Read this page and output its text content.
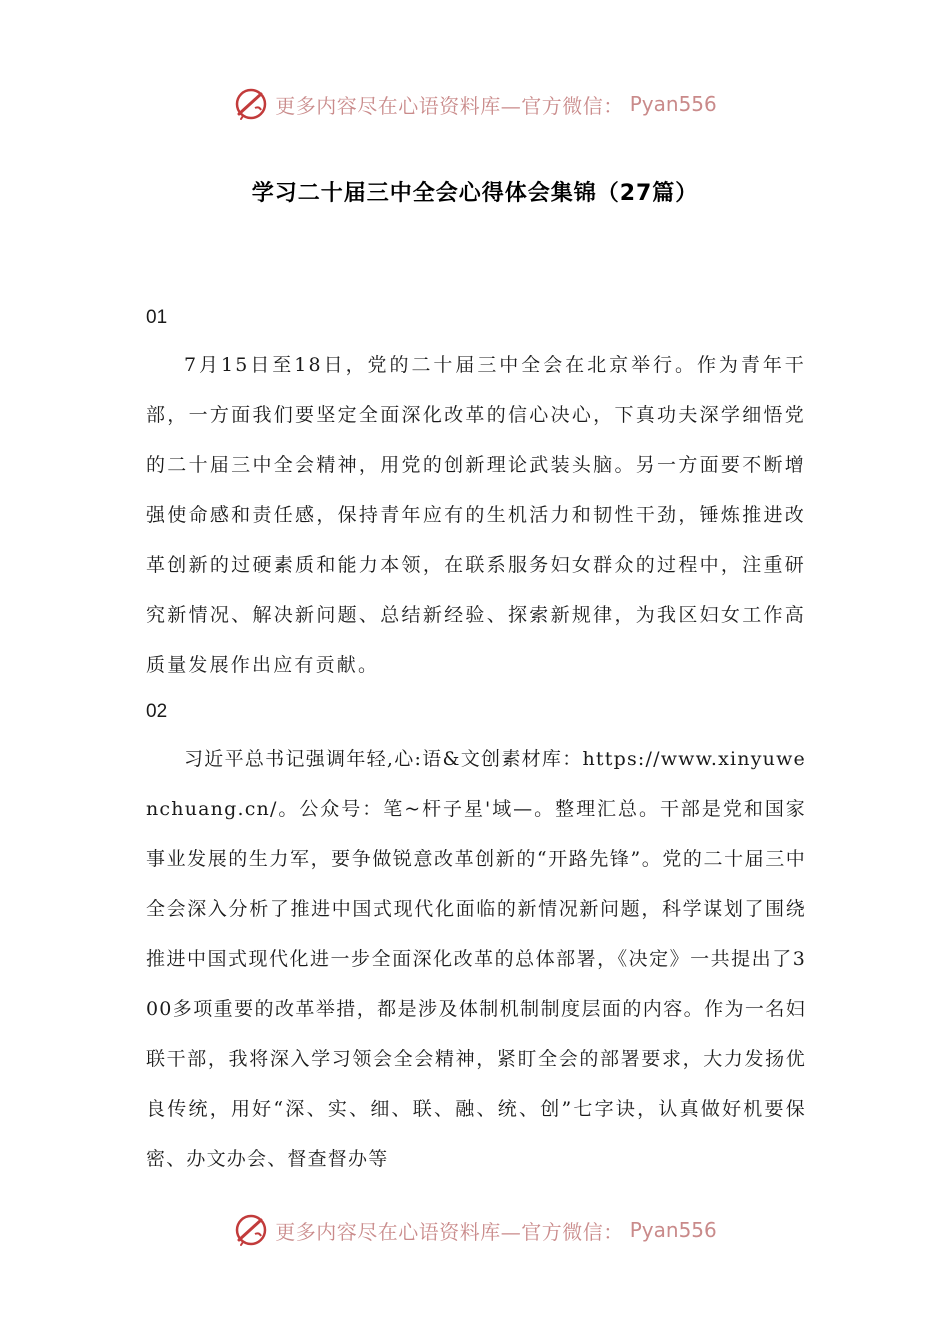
更多内容尽在心语资料库—官方微信： Pyan556
学习二十届三中全会心得体会集锦（27篇）
01

7月15日至18日，党的二十届三中全会在北京举行。作为青年干部，一方面我们要坚定全面深化改革的信心决心，下真功夫深学细悟党的二十届三中全会精神，用党的创新理论武装头脑。另一方面要不断增强使命感和责任感，保持青年应有的生机活力和韧性干劲，锤炼推进改革创新的过硬素质和能力本领，在联系服务妇女群众的过程中，注重研究新情况、解决新问题、总结新经验、探索新规律，为我区妇女工作高质量发展作出应有贡献。

02

习近平总书记强调年轻,心:语&文创素材库：https://www.xinyuwenchuang.cn/。公众号：笔~杆子星'域—。整理汇总。干部是党和国家事业发展的生力军，要争做锐意改革创新的“开路先锋”。党的二十届三中全会深入分析了推进中国式现代化面临的新情况新问题，科学谋划了围绕推进中国式现代化进一步全面深化改革的总体部署，《决定》一共提出了300多项重要的改革举措，都是涉及体制机制制度层面的内容。作为一名妇联干部，我将深入学习领会全会精神，紧盯全会的部署要求，大力发扬优良传统，用好“深、实、细、联、融、统、创”七字诀，认真做好机要保密、办文办会、督查督办等

更多内容尽在心语资料库—官方微信： Pyan556
